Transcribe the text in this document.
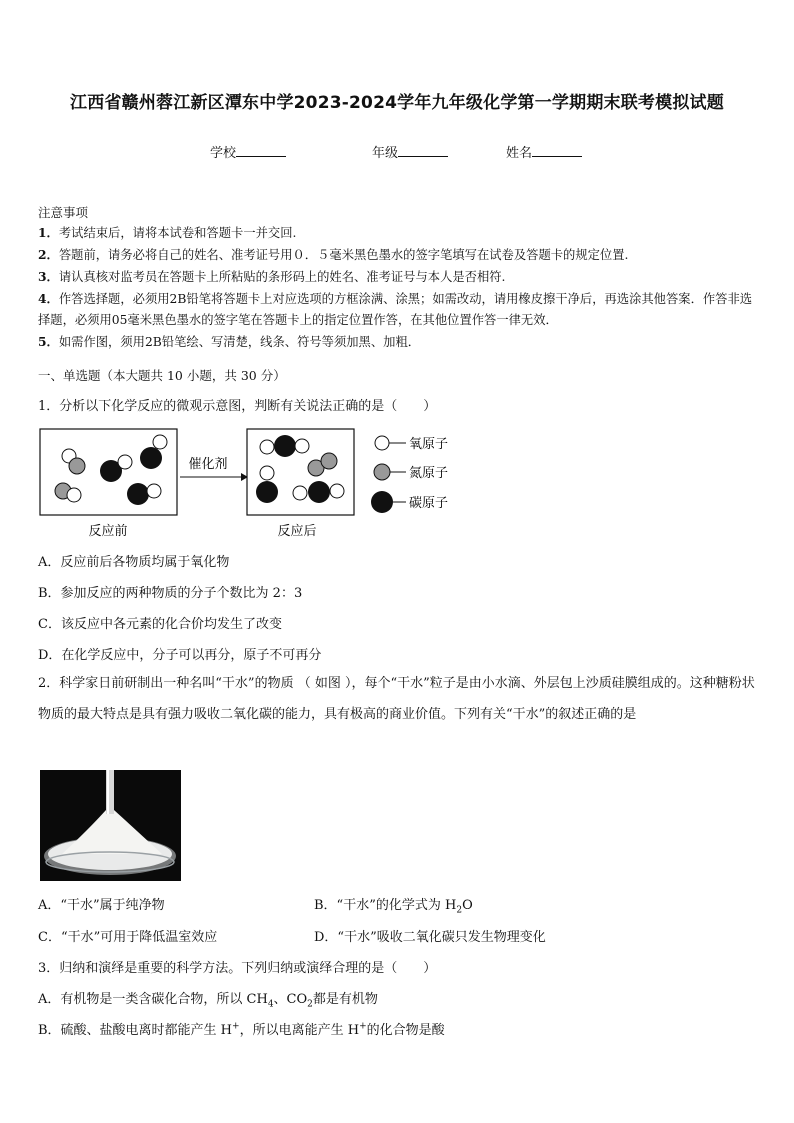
江西省赣州蓉江新区潭东中学2023-2024学年九年级化学第一学期期末联考模拟试题
学校	年级	姓名
注意事项
1．考试结束后，请将本试卷和答题卡一并交回.
2．答题前，请务必将自己的姓名、准考证号用０．５毫米黑色墨水的签字笔填写在试卷及答题卡的规定位置.
3．请认真核对监考员在答题卡上所粘贴的条形码上的姓名、准考证号与本人是否相符.
4．作答选择题，必须用2B铅笔将答题卡上对应选项的方框涂满、涂黑；如需改动，请用橡皮擦干净后，再选涂其他答案．作答非选择题，必须用05毫米黑色墨水的签字笔在答题卡上的指定位置作答，在其他位置作答一律无效．
5．如需作图，须用2B铅笔绘、写清楚，线条、符号等须加黑、加粗．
一、单选题（本大题共 10 小题，共 30 分）
1．分析以下化学反应的微观示意图，判断有关说法正确的是（　　）
反应前
催化剂
反应后
氧原子
氮原子
碳原子
A．反应前后各物质均属于氧化物
B．参加反应的两种物质的分子个数比为 2：3
C．该反应中各元素的化合价均发生了改变
D．在化学反应中，分子可以再分，原子不可再分
2．科学家日前研制出一种名叫“干水”的物质 （ 如图 ），每个“干水”粒子是由小水滴、外层包上沙质硅膜组成的。这种糖粉状物质的最大特点是具有强力吸收二氧化碳的能力，具有极高的商业价值。下列有关“干水”的叙述正确的是
A．“干水”属于纯净物	B．“干水”的化学式为 $H_2O$
C．“干水”可用于降低温室效应	D．“干水”吸收二氧化碳只发生物理变化
3．归纳和演绎是重要的科学方法。下列归纳或演绎合理的是（　　）
A．有机物是一类含碳化合物，所以 $CH_4$、$CO_2$都是有机物
B．硫酸、盐酸电离时都能产生 H+，所以电离能产生 H+的化合物是酸
